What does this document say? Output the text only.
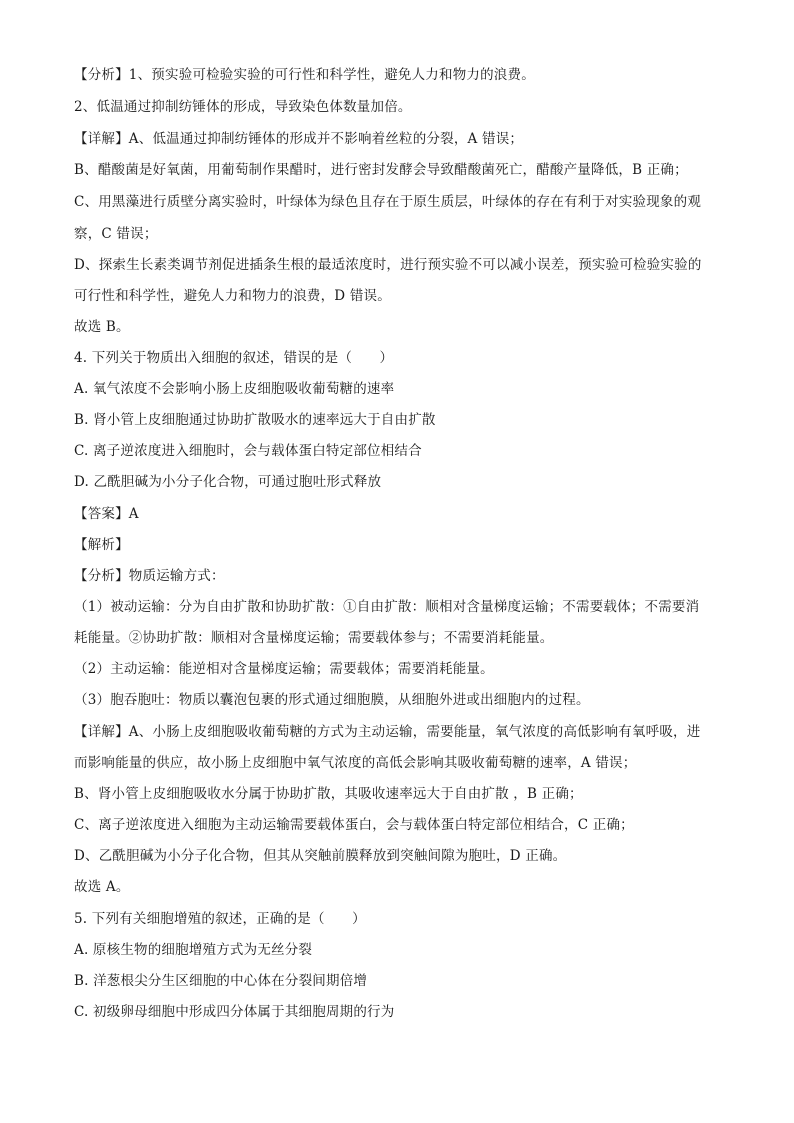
【分析】1、预实验可检验实验的可行性和科学性，避免人力和物力的浪费。
2、低温通过抑制纺锤体的形成，导致染色体数量加倍。
【详解】A、低温通过抑制纺锤体的形成并不影响着丝粒的分裂，A 错误；
B、醋酸菌是好氧菌，用葡萄制作果醋时，进行密封发酵会导致醋酸菌死亡，醋酸产量降低，B 正确；
C、用黑藻进行质壁分离实验时，叶绿体为绿色且存在于原生质层，叶绿体的存在有利于对实验现象的观
察，C 错误；
D、探索生长素类调节剂促进插条生根的最适浓度时，进行预实验不可以减小误差，预实验可检验实验的
可行性和科学性，避免人力和物力的浪费，D 错误。
故选 B。
4. 下列关于物质出入细胞的叙述，错误的是（　　）
A. 氧气浓度不会影响小肠上皮细胞吸收葡萄糖的速率
B. 肾小管上皮细胞通过协助扩散吸水的速率远大于自由扩散
C. 离子逆浓度进入细胞时，会与载体蛋白特定部位相结合
D. 乙酰胆碱为小分子化合物，可通过胞吐形式释放
【答案】A
【解析】
【分析】物质运输方式：
（1）被动运输：分为自由扩散和协助扩散：①自由扩散：顺相对含量梯度运输；不需要载体；不需要消
耗能量。②协助扩散：顺相对含量梯度运输；需要载体参与；不需要消耗能量。
（2）主动运输：能逆相对含量梯度运输；需要载体；需要消耗能量。
（3）胞吞胞吐：物质以囊泡包裹的形式通过细胞膜，从细胞外进或出细胞内的过程。
【详解】A、小肠上皮细胞吸收葡萄糖的方式为主动运输，需要能量，氧气浓度的高低影响有氧呼吸，进
而影响能量的供应，故小肠上皮细胞中氧气浓度的高低会影响其吸收葡萄糖的速率，A 错误；
B、肾小管上皮细胞吸收水分属于协助扩散，其吸收速率远大于自由扩散 ，B 正确；
C、离子逆浓度进入细胞为主动运输需要载体蛋白，会与载体蛋白特定部位相结合，C 正确；
D、乙酰胆碱为小分子化合物，但其从突触前膜释放到突触间隙为胞吐，D 正确。
故选 A。
5. 下列有关细胞增殖的叙述，正确的是（　　）
A. 原核生物的细胞增殖方式为无丝分裂
B. 洋葱根尖分生区细胞的中心体在分裂间期倍增
C. 初级卵母细胞中形成四分体属于其细胞周期的行为
